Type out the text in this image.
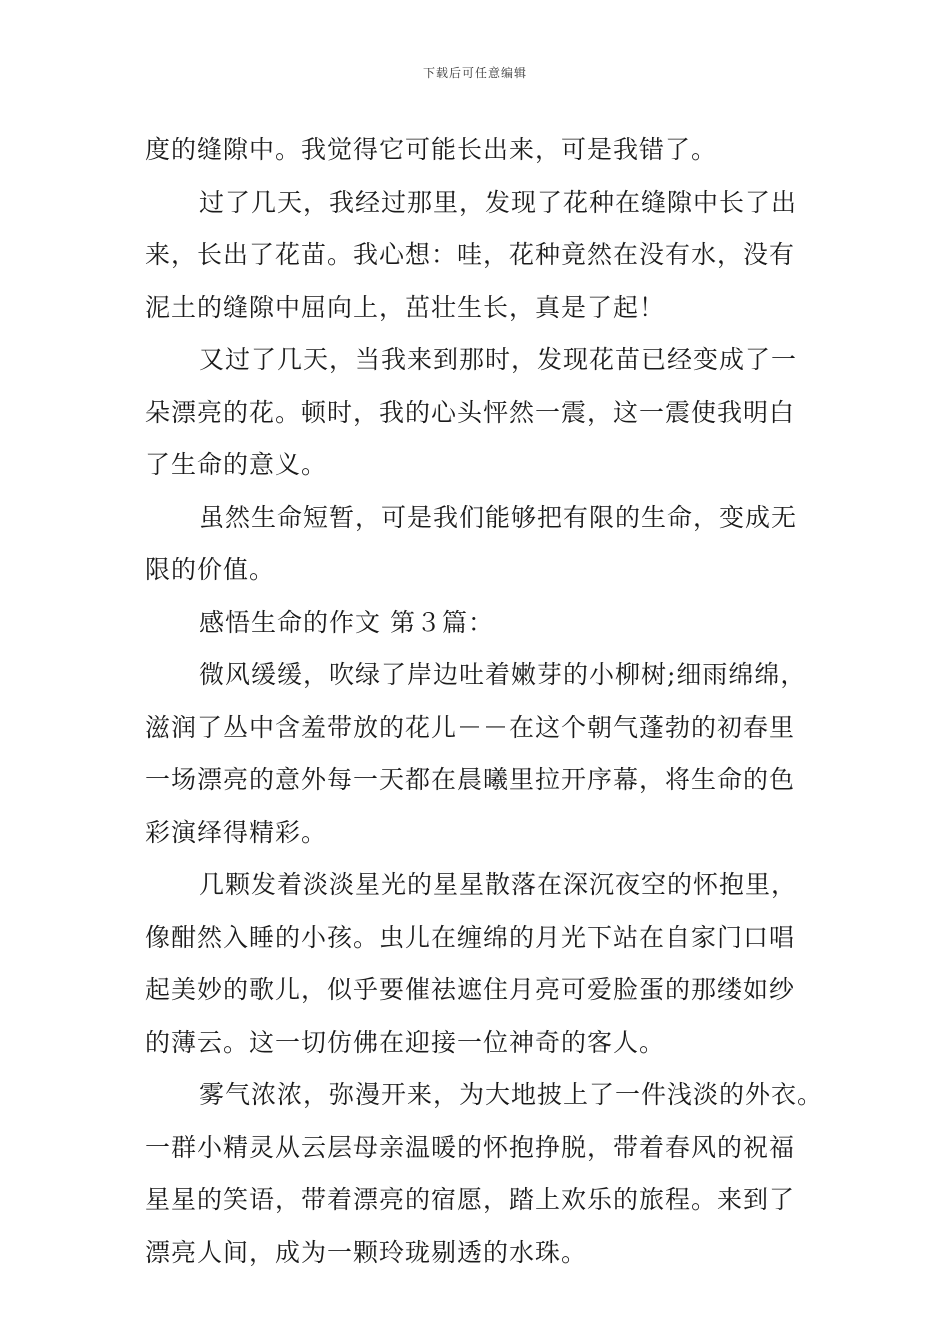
下载后可任意编辑
度的缝隙中。我觉得它可能长出来，可是我错了。
过了几天，我经过那里，发现了花种在缝隙中长了出
来，长出了花苗。我心想：哇，花种竟然在没有水，没有
泥土的缝隙中屈向上，茁壮生长，真是了起！
又过了几天，当我来到那时，发现花苗已经变成了一
朵漂亮的花。顿时，我的心头怦然一震，这一震使我明白
了生命的意义。
虽然生命短暂，可是我们能够把有限的生命，变成无
限的价值。
感悟生命的作文 第３篇：
微风缓缓，吹绿了岸边吐着嫩芽的小柳树;细雨绵绵，
滋润了丛中含羞带放的花儿－－在这个朝气蓬勃的初春里
一场漂亮的意外每一天都在晨曦里拉开序幕，将生命的色
彩演绎得精彩。
几颗发着淡淡星光的星星散落在深沉夜空的怀抱里，
像酣然入睡的小孩。虫儿在缠绵的月光下站在自家门口唱
起美妙的歌儿，似乎要催祛遮住月亮可爱脸蛋的那缕如纱
的薄云。这一切仿佛在迎接一位神奇的客人。
雾气浓浓，弥漫开来，为大地披上了一件浅淡的外衣。
一群小精灵从云层母亲温暖的怀抱挣脱，带着春风的祝福
星星的笑语，带着漂亮的宿愿，踏上欢乐的旅程。来到了
漂亮人间，成为一颗玲珑剔透的水珠。
